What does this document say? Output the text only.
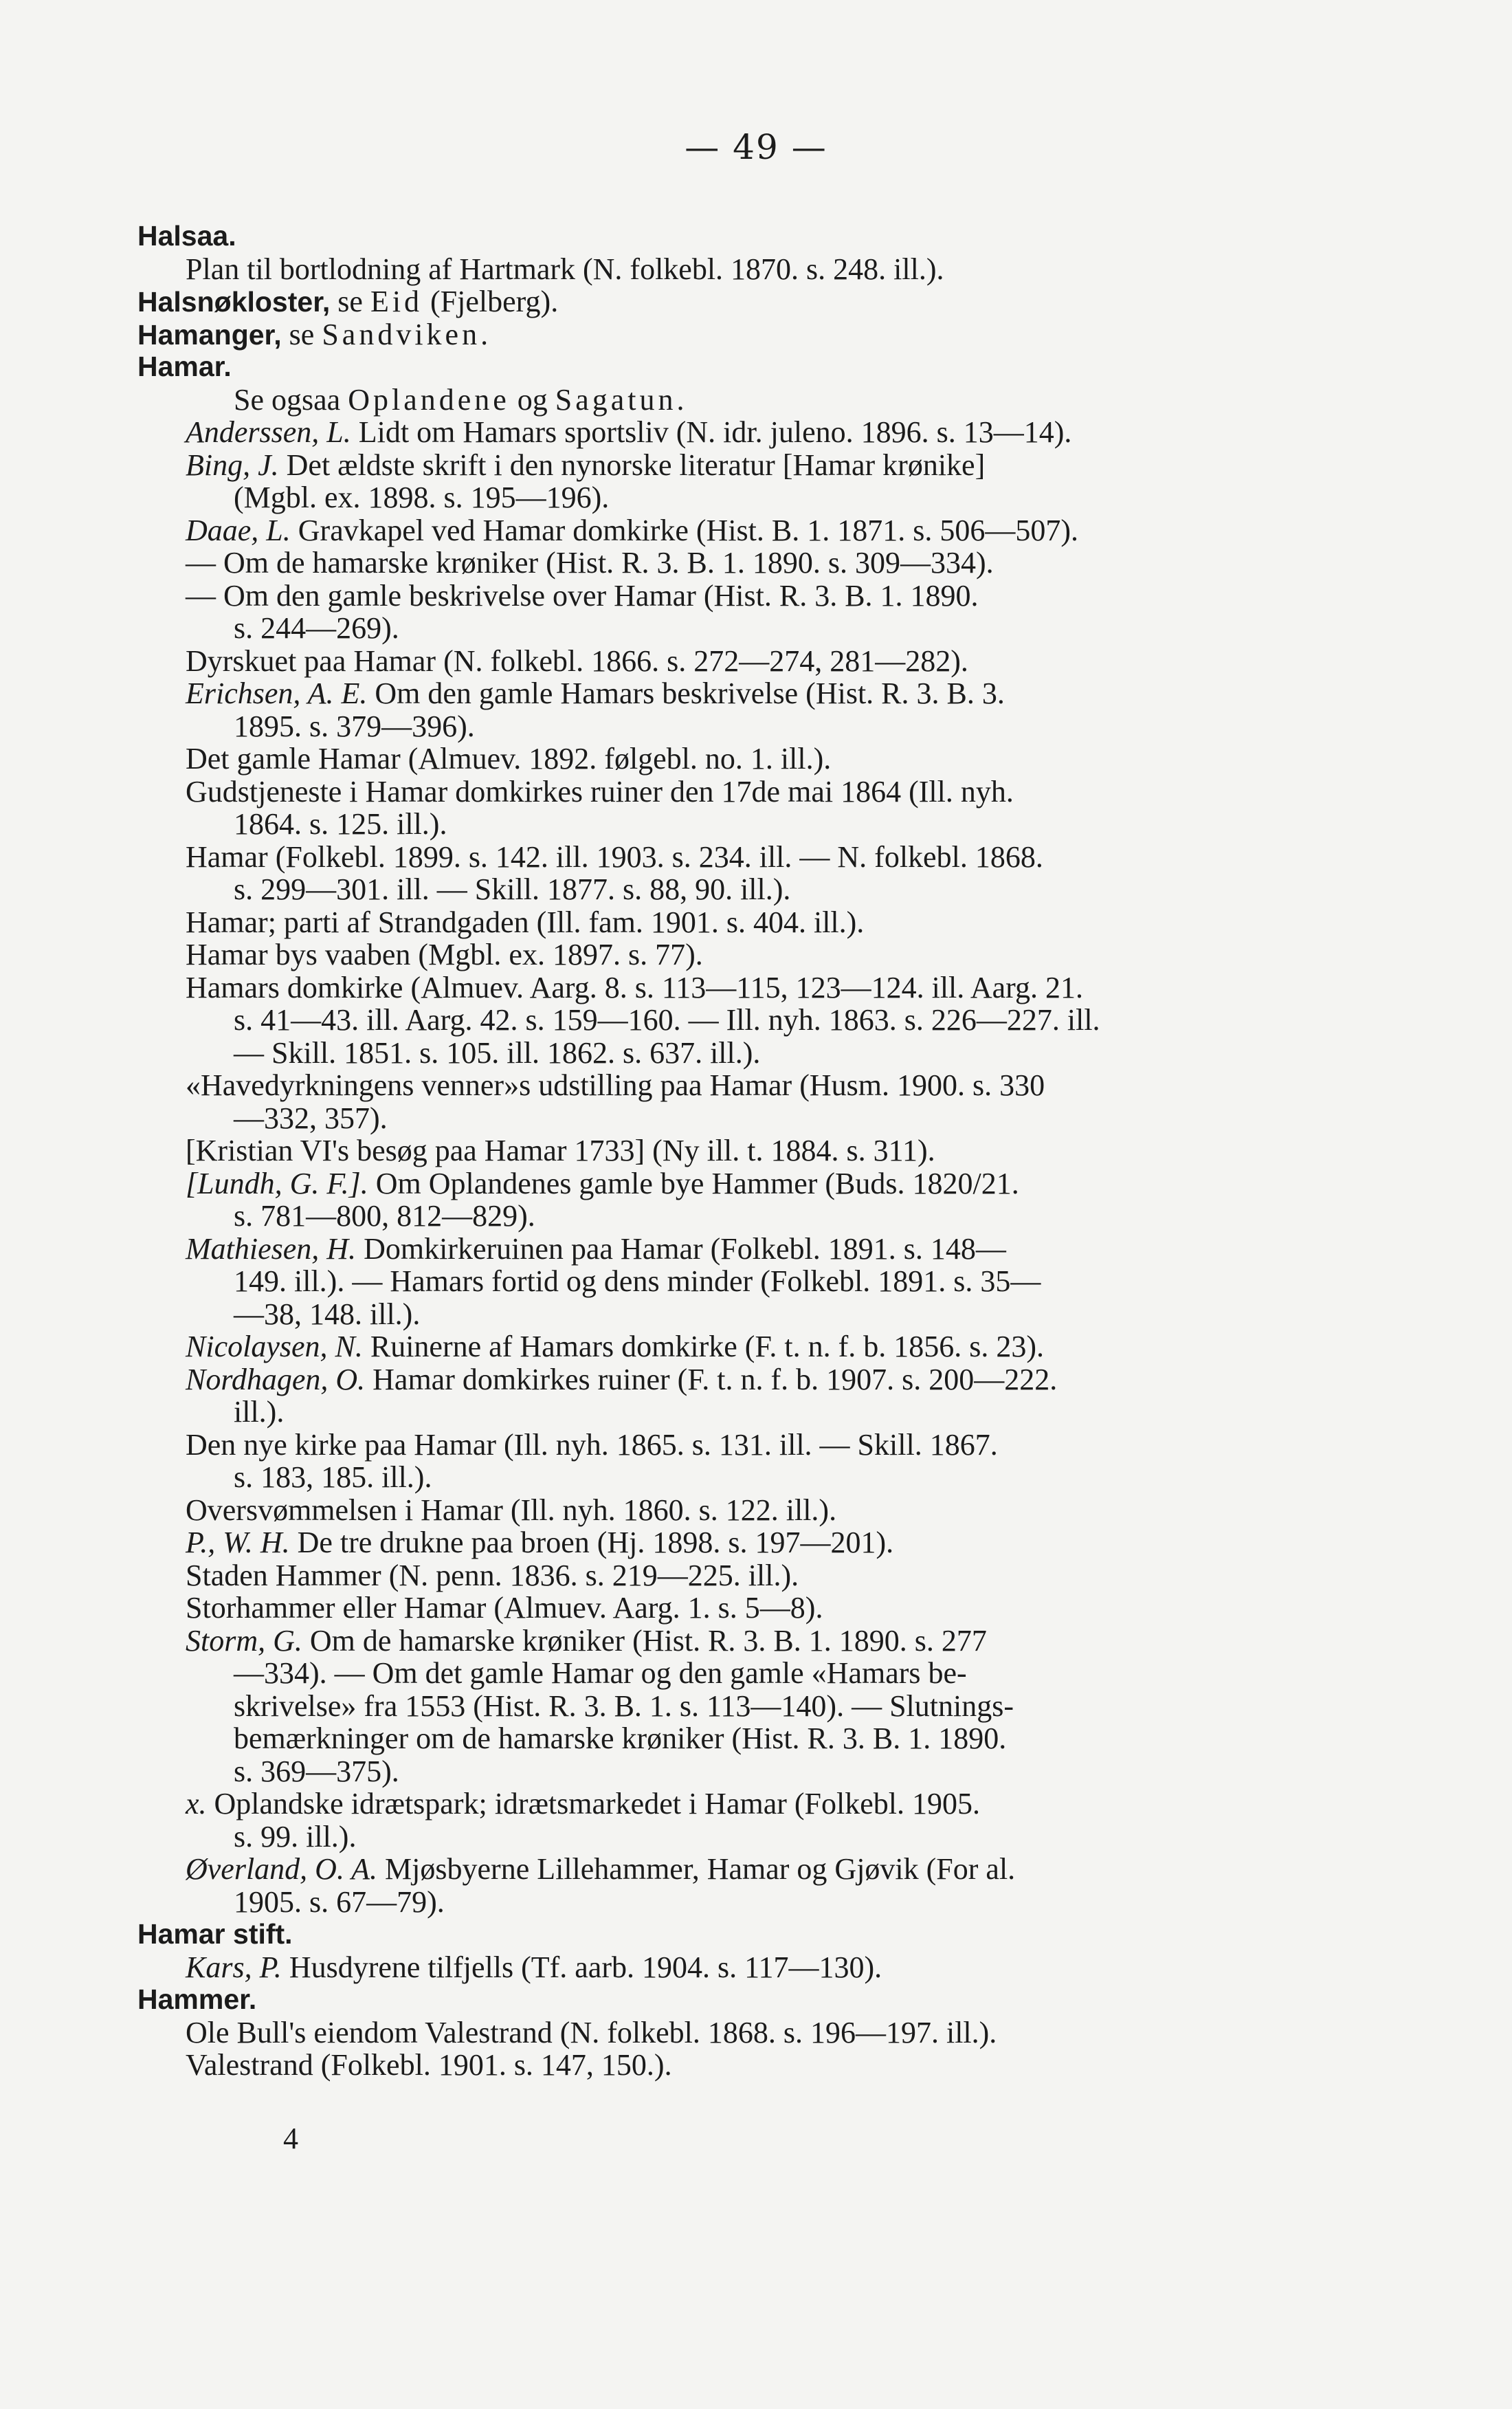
— 49 —
Halsaa.
Plan til bortlodning af Hartmark (N. folkebl. 1870. s. 248. ill.).
Halsnøkloster, se Eid (Fjelberg).
Hamanger, se Sandviken.
Hamar.
Se ogsaa Oplandene og Sagatun.
Anderssen, L. Lidt om Hamars sportsliv (N. idr. juleno. 1896. s. 13—14).
Bing, J. Det ældste skrift i den nynorske literatur [Hamar krønike]
(Mgbl. ex. 1898. s. 195—196).
Daae, L. Gravkapel ved Hamar domkirke (Hist. B. 1. 1871. s. 506—507).
— Om de hamarske krøniker (Hist. R. 3. B. 1. 1890. s. 309—334).
— Om den gamle beskrivelse over Hamar (Hist. R. 3. B. 1. 1890.
s. 244—269).
Dyrskuet paa Hamar (N. folkebl. 1866. s. 272—274, 281—282).
Erichsen, A. E. Om den gamle Hamars beskrivelse (Hist. R. 3. B. 3.
1895. s. 379—396).
Det gamle Hamar (Almuev. 1892. følgebl. no. 1. ill.).
Gudstjeneste i Hamar domkirkes ruiner den 17de mai 1864 (Ill. nyh.
1864. s. 125. ill.).
Hamar (Folkebl. 1899. s. 142. ill. 1903. s. 234. ill. — N. folkebl. 1868.
s. 299—301. ill. — Skill. 1877. s. 88, 90. ill.).
Hamar; parti af Strandgaden (Ill. fam. 1901. s. 404. ill.).
Hamar bys vaaben (Mgbl. ex. 1897. s. 77).
Hamars domkirke (Almuev. Aarg. 8. s. 113—115, 123—124. ill. Aarg. 21.
s. 41—43. ill. Aarg. 42. s. 159—160. — Ill. nyh. 1863. s. 226—227. ill.
— Skill. 1851. s. 105. ill. 1862. s. 637. ill.).
«Havedyrkningens venner»s udstilling paa Hamar (Husm. 1900. s. 330
—332, 357).
[Kristian VI's besøg paa Hamar 1733] (Ny ill. t. 1884. s. 311).
[Lundh, G. F.]. Om Oplandenes gamle bye Hammer (Buds. 1820/21.
s. 781—800, 812—829).
Mathiesen, H. Domkirkeruinen paa Hamar (Folkebl. 1891. s. 148—
149. ill.). — Hamars fortid og dens minder (Folkebl. 1891. s. 35—
—38, 148. ill.).
Nicolaysen, N. Ruinerne af Hamars domkirke (F. t. n. f. b. 1856. s. 23).
Nordhagen, O. Hamar domkirkes ruiner (F. t. n. f. b. 1907. s. 200—222.
ill.).
Den nye kirke paa Hamar (Ill. nyh. 1865. s. 131. ill. — Skill. 1867.
s. 183, 185. ill.).
Oversvømmelsen i Hamar (Ill. nyh. 1860. s. 122. ill.).
P., W. H. De tre drukne paa broen (Hj. 1898. s. 197—201).
Staden Hammer (N. penn. 1836. s. 219—225. ill.).
Storhammer eller Hamar (Almuev. Aarg. 1. s. 5—8).
Storm, G. Om de hamarske krøniker (Hist. R. 3. B. 1. 1890. s. 277
—334). — Om det gamle Hamar og den gamle «Hamars be-
skrivelse» fra 1553 (Hist. R. 3. B. 1. s. 113—140). — Slutnings-
bemærkninger om de hamarske krøniker (Hist. R. 3. B. 1. 1890.
s. 369—375).
x. Oplandske idrætspark; idrætsmarkedet i Hamar (Folkebl. 1905.
s. 99. ill.).
Øverland, O. A. Mjøsbyerne Lillehammer, Hamar og Gjøvik (For al.
1905. s. 67—79).
Hamar stift.
Kars, P. Husdyrene tilfjells (Tf. aarb. 1904. s. 117—130).
Hammer.
Ole Bull's eiendom Valestrand (N. folkebl. 1868. s. 196—197. ill.).
Valestrand (Folkebl. 1901. s. 147, 150.).
4
